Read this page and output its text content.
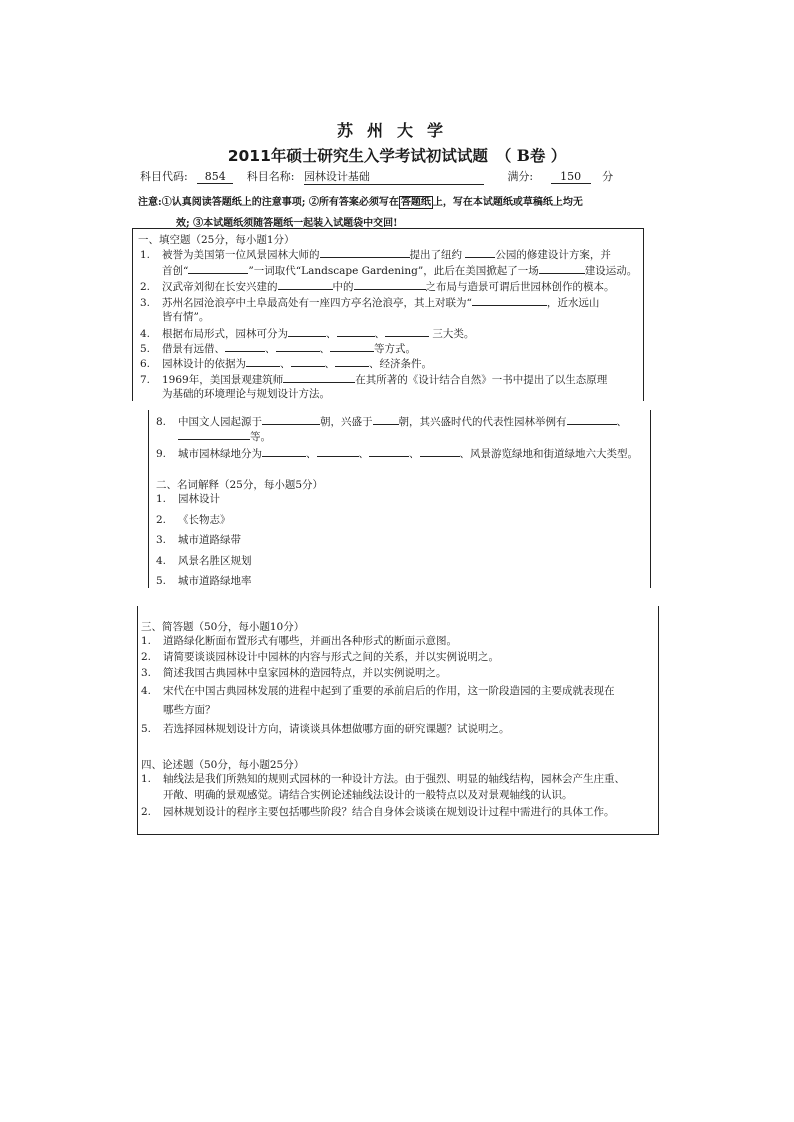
苏州大学
2011年硕士研究生入学考试初试试题 （ B卷 ）
科目代码: 854 科目名称: 园林设计基础	满分: 150 分
注意:①认真阅读答题纸上的注意事项; ②所有答案必须写在 答题纸 上，写在本试题纸或草稿纸上均无
效; ③本试题纸须随答题纸一起装入试题袋中交回!
一、填空题（25分，每小题1分）
1. 被誉为美国第一位风景园林大师的	提出了纽约	公园的修建设计方案，并
首创“	”一词取代“Landscape Gardening”，此后在美国掀起了一场	建设运动。
2. 汉武帝刘彻在长安兴建的	中的	之布局与造景可谓后世园林创作的模本。
3. 苏州名园沧浪亭中土阜最高处有一座四方亭名沧浪亭，其上对联为“	，近水远山
皆有情”。
4. 根据布局形式，园林可分为	、	、	三大类。
5. 借景有远借、	、	、	等方式。
6. 园林设计的依据为	、	、	、经济条件。
7. 1969年，美国景观建筑师	在其所著的《设计结合自然》一书中提出了以生态原理
为基础的环境理论与规划设计方法。
8. 中国文人园起源于	朝，兴盛于 朝，其兴盛时代的代表性园林举例有	、
等。
9. 城市园林绿地分为	、	、	、	、风景游览绿地和街道绿地六大类型。
二、名词解释（25分，每小题5分）
1. 园林设计
2. 《长物志》
3. 城市道路绿带
4. 风景名胜区规划
5. 城市道路绿地率
三、简答题（50分，每小题10分）
1. 道路绿化断面布置形式有哪些，并画出各种形式的断面示意图。
2. 请简要谈谈园林设计中园林的内容与形式之间的关系，并以实例说明之。
3. 简述我国古典园林中皇家园林的造园特点，并以实例说明之。
4. 宋代在中国古典园林发展的进程中起到了重要的承前启后的作用，这一阶段造园的主要成就表现在
哪些方面？
5. 若选择园林规划设计方向，请谈谈具体想做哪方面的研究课题？试说明之。
四、论述题（50分，每小题25分）
1. 轴线法是我们所熟知的规则式园林的一种设计方法。由于强烈、明显的轴线结构，园林会产生庄重、
开敞、明确的景观感觉。请结合实例论述轴线法设计的一般特点以及对景观轴线的认识。
2. 园林规划设计的程序主要包括哪些阶段？结合自身体会谈谈在规划设计过程中需进行的具体工作。
